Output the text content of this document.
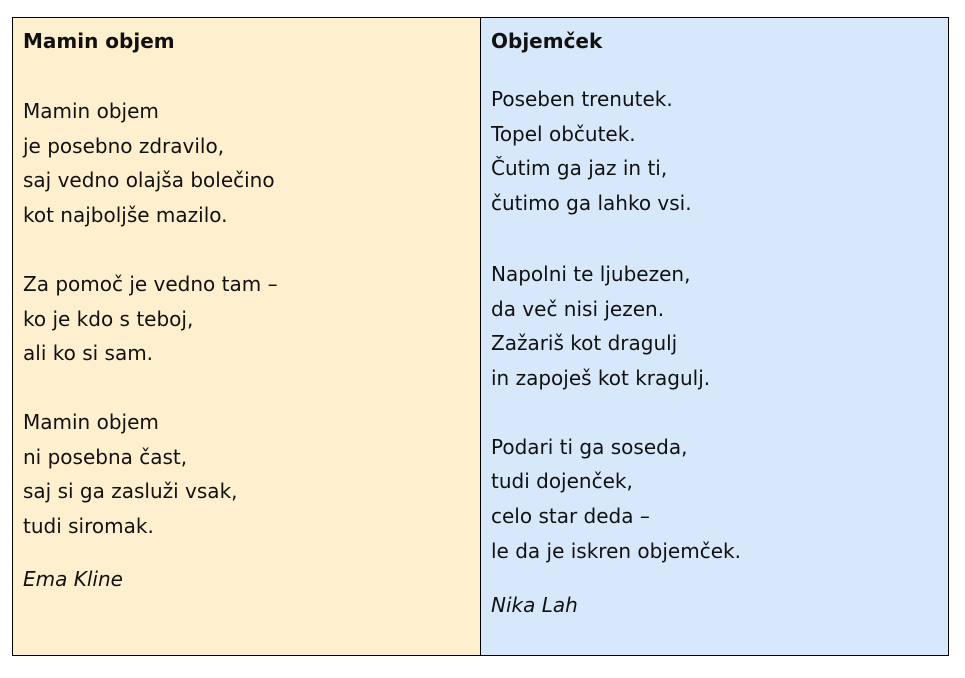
Mamin objem
Mamin objem
je posebno zdravilo,
saj vedno olajša bolečino
kot najboljše mazilo.
Za pomoč je vedno tam –
ko je kdo s teboj,
ali ko si sam.
Mamin objem
ni posebna čast,
saj si ga zasluži vsak,
tudi siromak.
Ema Kline
Objemček
Poseben trenutek.
Topel občutek.
Čutim ga jaz in ti,
čutimo ga lahko vsi.
Napolni te ljubezen,
da več nisi jezen.
Zažariš kot dragulj
in zapoješ kot kragulj.
Podari ti ga soseda,
tudi dojenček,
celo star deda –
le da je iskren objemček.
Nika Lah
